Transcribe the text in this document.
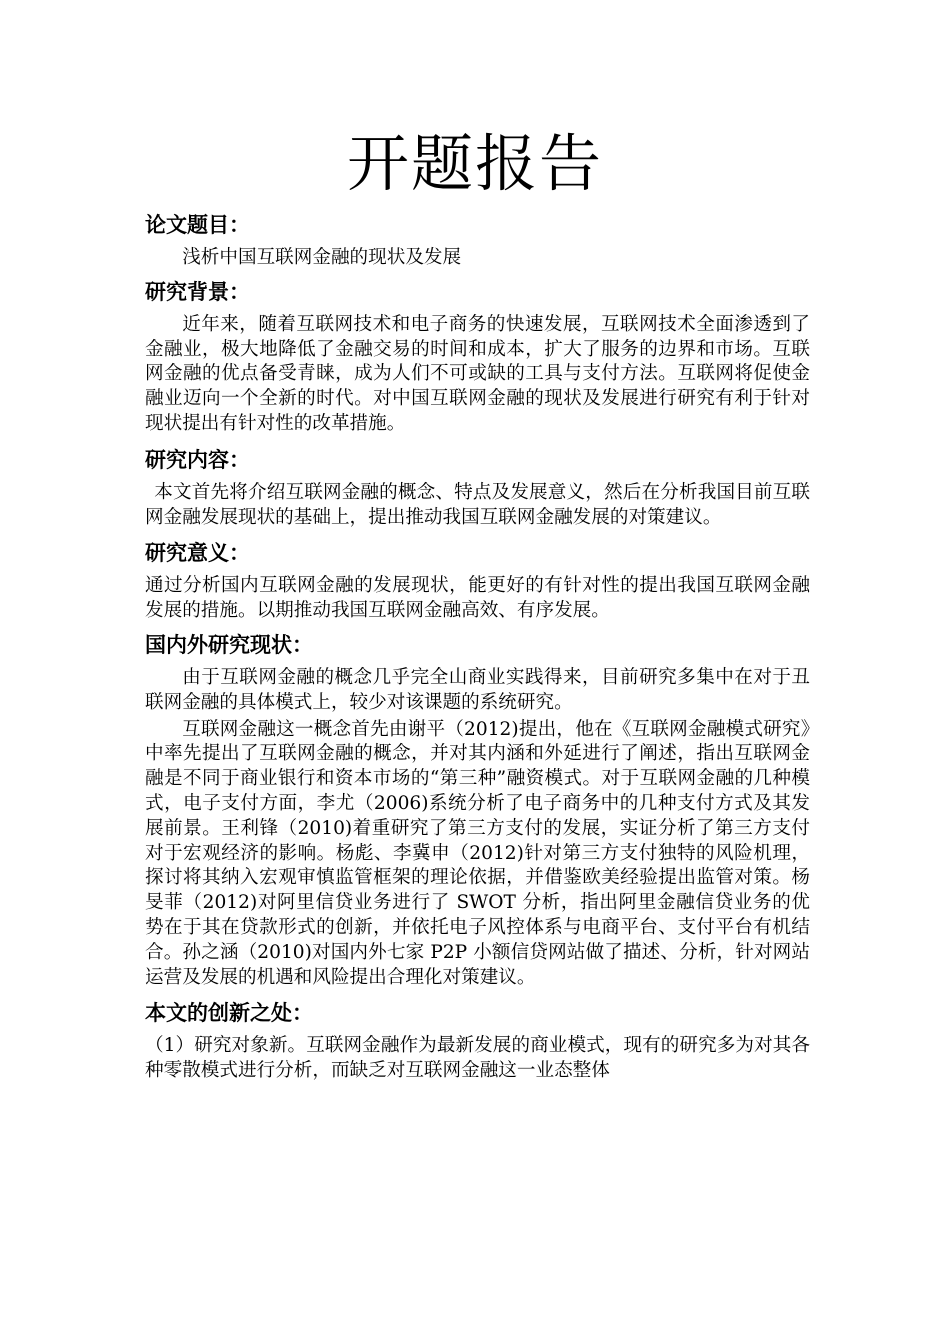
开题报告

论文题目：

浅析中国互联网金融的现状及发展

研究背景：

近年来，随着互联网技术和电子商务的快速发展，互联网技术全面渗透到了金融业，极大地降低了金融交易的时间和成本，扩大了服务的边界和市场。互联网金融的优点备受青睐，成为人们不可或缺的工具与支付方法。互联网将促使金融业迈向一个全新的时代。对中国互联网金融的现状及发展进行研究有利于针对现状提出有针对性的改革措施。

研究内容：

本文首先将介绍互联网金融的概念、特点及发展意义，然后在分析我国目前互联网金融发展现状的基础上，提出推动我国互联网金融发展的对策建议。

研究意义：

通过分析国内互联网金融的发展现状，能更好的有针对性的提出我国互联网金融发展的措施。以期推动我国互联网金融高效、有序发展。

国内外研究现状：

由于互联网金融的概念几乎完全山商业实践得来，目前研究多集中在对于丑联网金融的具体模式上，较少对该课题的系统研究。

互联网金融这一概念首先由谢平（2012)提出，他在《互联网金融模式研究》中率先提出了互联网金融的概念，并对其内涵和外延进行了阐述，指出互联网金融是不同于商业银行和资本市场的“第三种”融资模式。对于互联网金融的几种模式，电子支付方面，李尤（2006)系统分析了电子商务中的几种支付方式及其发展前景。王利锋（2010)着重研究了第三方支付的发展，实证分析了第三方支付对于宏观经济的影响。杨彪、李冀申（2012)针对第三方支付独特的风险机理，探讨将其纳入宏观审慎监管框架的理论依据，并借鉴欧美经验提出监管对策。杨旻菲（2012)对阿里信贷业务进行了 SWOT 分析，指出阿里金融信贷业务的优势在于其在贷款形式的创新，并依托电子风控体系与电商平台、支付平台有机结合。孙之涵（2010)对国内外七家 P2P 小额信贷网站做了描述、分析，针对网站运营及发展的机遇和风险提出合理化对策建议。

本文的创新之处：

（1）研究对象新。互联网金融作为最新发展的商业模式，现有的研究多为对其各种零散模式进行分析，而缺乏对互联网金融这一业态整体
